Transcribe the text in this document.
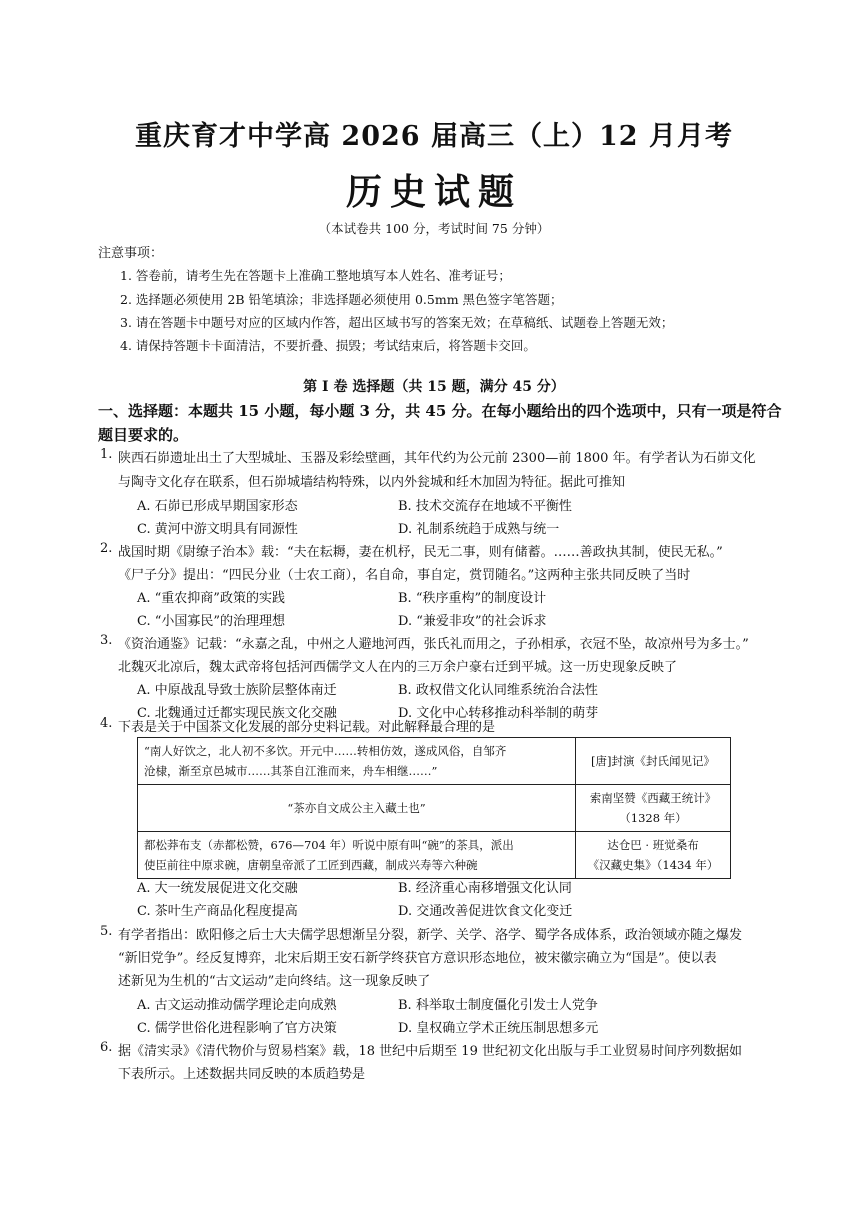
重庆育才中学高 2026 届高三（上）12 月月考
历史试题
（本试卷共 100 分，考试时间 75 分钟）
注意事项：
1. 答卷前，请考生先在答题卡上准确工整地填写本人姓名、准考证号；
2. 选择题必须使用 2B 铅笔填涂；非选择题必须使用 0.5mm 黑色签字笔答题；
3. 请在答题卡中题号对应的区域内作答，超出区域书写的答案无效；在草稿纸、试题卷上答题无效；
4. 请保持答题卡卡面清洁，不要折叠、损毁；考试结束后，将答题卡交回。
第 I 卷 选择题（共 15 题，满分 45 分）
一、选择题：本题共 15 小题，每小题 3 分，共 45 分。在每小题给出的四个选项中，只有一项是符合题目要求的。
1. 陕西石峁遗址出土了大型城址、玉器及彩绘壁画，其年代约为公元前 2300—前 1800 年。有学者认为石峁文化
与陶寺文化存在联系，但石峁城墙结构特殊，以内外瓮城和纴木加固为特征。据此可推知
A. 石峁已形成早期国家形态	B. 技术交流存在地域不平衡性
C. 黄河中游文明具有同源性	D. 礼制系统趋于成熟与统一
2. 战国时期《尉缭子治本》载：“夫在耘耨，妻在机杼，民无二事，则有储蓄。……善政执其制，使民无私。”
《尸子分》提出：“四民分业（士农工商），名自命，事自定，赏罚随名。”这两种主张共同反映了当时
A. “重农抑商”政策的实践	B. “秩序重构”的制度设计
C. “小国寡民”的治理理想	D. “兼爱非攻”的社会诉求
3. 《资治通鉴》记载：“永嘉之乱，中州之人避地河西，张氏礼而用之，子孙相承，衣冠不坠，故凉州号为多士。”
北魏灭北凉后，魏太武帝将包括河西儒学文人在内的三万余户豪右迁到平城。这一历史现象反映了
A. 中原战乱导致士族阶层整体南迁	B. 政权借文化认同维系统治合法性
C. 北魏通过迁都实现民族文化交融	D. 文化中心转移推动科举制的萌芽
4. 下表是关于中国茶文化发展的部分史料记载。对此解释最合理的是
“南人好饮之，北人初不多饮。开元中……转相仿效，遂成风俗，自邹齐
沧棣，渐至京邑城市……其茶自江淮而来，舟车相继……”	[唐]封演《封氏闻见记》

“茶亦自文成公主入藏土也”	索南坚赞《西藏王统计》
（1328 年）

都松莽布支（赤都松赞，676—704 年）听说中原有叫“碗”的茶具，派出
使臣前往中原求碗，唐朝皇帝派了工匠到西藏，制成兴寿等六种碗	达仓巴 · 班觉桑布
《汉藏史集》（1434 年）
A. 大一统发展促进文化交融	B. 经济重心南移增强文化认同
C. 茶叶生产商品化程度提高	D. 交通改善促进饮食文化变迁
5. 有学者指出：欧阳修之后士大夫儒学思想渐呈分裂，新学、关学、洛学、蜀学各成体系，政治领域亦随之爆发
“新旧党争”。经反复博弈，北宋后期王安石新学终获官方意识形态地位，被宋徽宗确立为“国是”。使以表
述新见为生机的“古文运动”走向终结。这一现象反映了
A. 古文运动推动儒学理论走向成熟	B. 科举取士制度僵化引发士人党争
C. 儒学世俗化进程影响了官方决策	D. 皇权确立学术正统压制思想多元
6. 据《清实录》《清代物价与贸易档案》载，18 世纪中后期至 19 世纪初文化出版与手工业贸易时间序列数据如
下表所示。上述数据共同反映的本质趋势是
